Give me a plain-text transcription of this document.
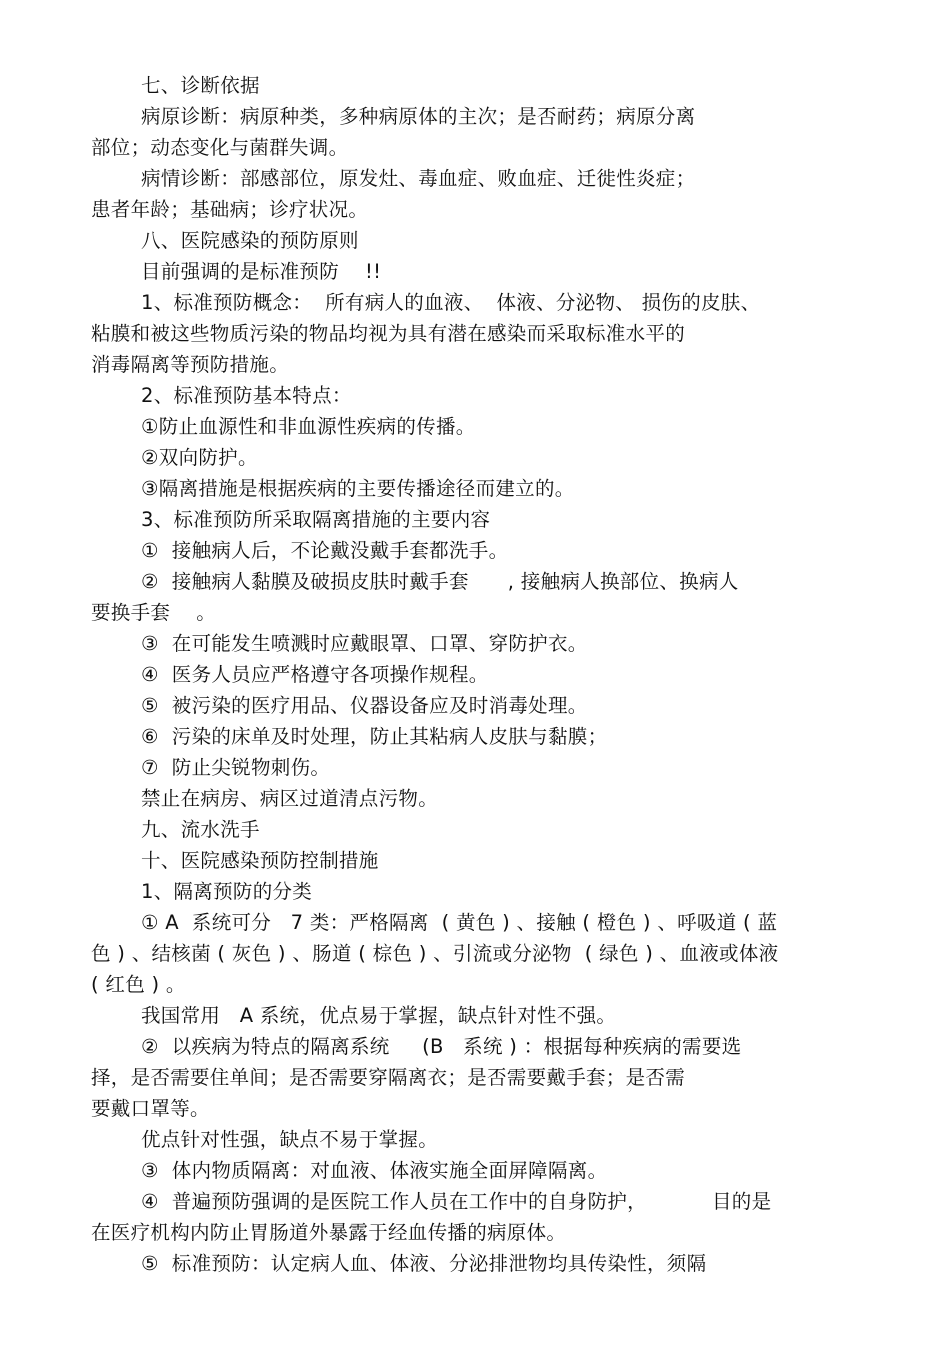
七、诊断依据
病原诊断：病原种类，多种病原体的主次；是否耐药；病原分离
部位；动态变化与菌群失调。
病情诊断：部感部位，原发灶、毒血症、败血症、迁徙性炎症；
患者年龄；基础病；诊疗状况。
八、医院感染的预防原则
目前强调的是标准预防    !!
1、标准预防概念：  所有病人的血液、  体液、分泌物、 损伤的皮肤、
粘膜和被这些物质污染的物品均视为具有潜在感染而采取标准水平的
消毒隔离等预防措施。
2、标准预防基本特点：
①防止血源性和非血源性疾病的传播。
②双向防护。
③隔离措施是根据疾病的主要传播途径而建立的。
3、标准预防所采取隔离措施的主要内容
①  接触病人后，不论戴没戴手套都洗手。
②  接触病人黏膜及破损皮肤时戴手套      , 接触病人换部位、换病人
要换手套    。
③  在可能发生喷溅时应戴眼罩、口罩、穿防护衣。
④  医务人员应严格遵守各项操作规程。
⑤  被污染的医疗用品、仪器设备应及时消毒处理。
⑥  污染的床单及时处理，防止其粘病人皮肤与黏膜；
⑦  防止尖锐物刺伤。
禁止在病房、病区过道清点污物。
九、流水洗手
十、医院感染预防控制措施
1、隔离预防的分类
① A  系统可分   7 类：严格隔离  ( 黄色 ) 、接触 ( 橙色 ) 、呼吸道 ( 蓝
色 ) 、结核菌 ( 灰色 ) 、肠道 ( 棕色 ) 、引流或分泌物  ( 绿色 ) 、血液或体液
( 红色 ) 。
我国常用   A 系统，优点易于掌握，缺点针对性不强。
②  以疾病为特点的隔离系统     (B   系统 ) ：根据每种疾病的需要选
择，是否需要住单间；是否需要穿隔离衣；是否需要戴手套；是否需
要戴口罩等。
优点针对性强，缺点不易于掌握。
③  体内物质隔离：对血液、体液实施全面屏障隔离。
④  普遍预防强调的是医院工作人员在工作中的自身防护，          目的是
在医疗机构内防止胃肠道外暴露于经血传播的病原体。
⑤  标准预防：认定病人血、体液、分泌排泄物均具传染性，须隔
